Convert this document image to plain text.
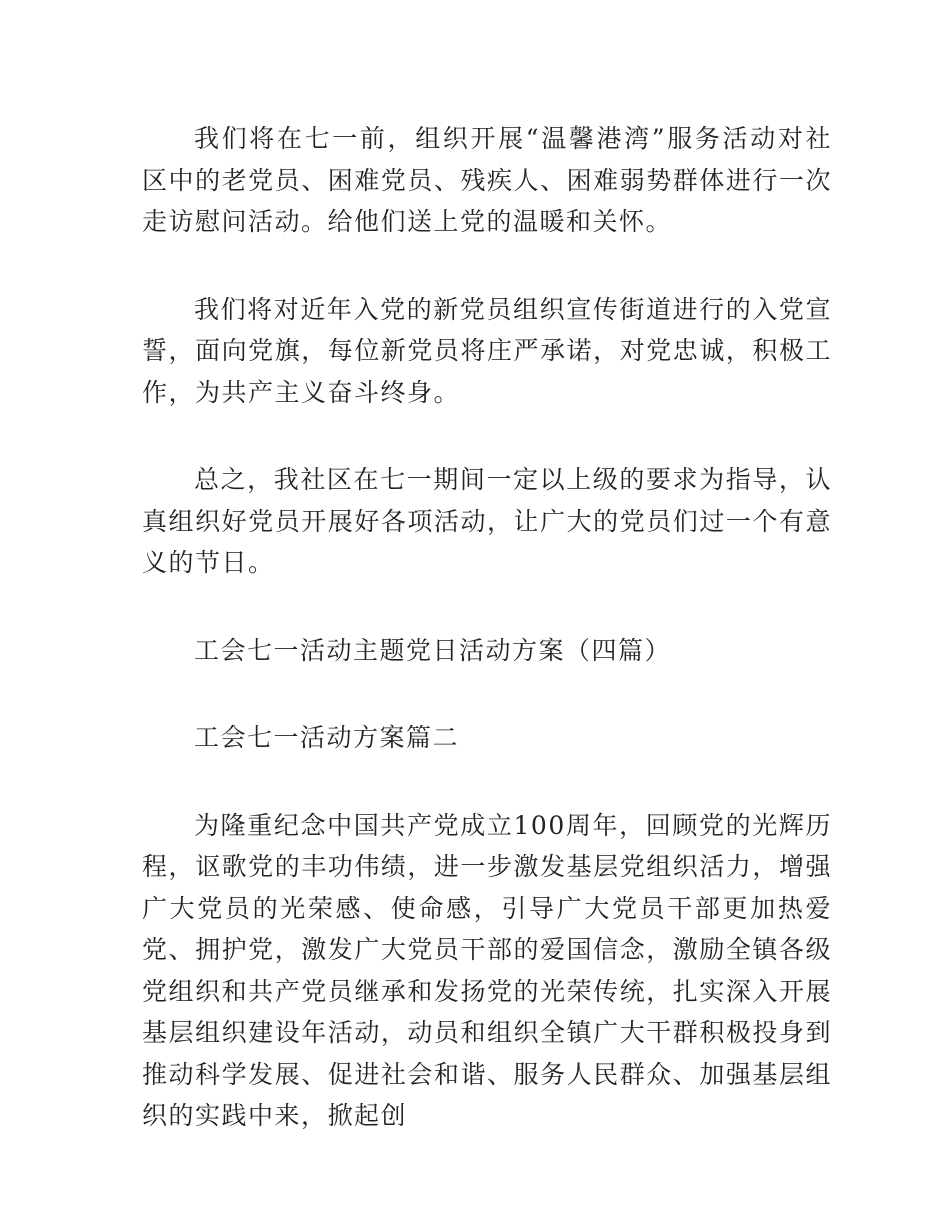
我们将在七一前，组织开展“温馨港湾”服务活动对社区中的老党员、困难党员、残疾人、困难弱势群体进行一次走访慰问活动。给他们送上党的温暖和关怀。

我们将对近年入党的新党员组织宣传街道进行的入党宣誓，面向党旗，每位新党员将庄严承诺，对党忠诚，积极工作，为共产主义奋斗终身。

总之，我社区在七一期间一定以上级的要求为指导，认真组织好党员开展好各项活动，让广大的党员们过一个有意义的节日。

工会七一活动主题党日活动方案（四篇）

工会七一活动方案篇二

为隆重纪念中国共产党成立100周年，回顾党的光辉历程，讴歌党的丰功伟绩，进一步激发基层党组织活力，增强广大党员的光荣感、使命感，引导广大党员干部更加热爱党、拥护党，激发广大党员干部的爱国信念，激励全镇各级党组织和共产党员继承和发扬党的光荣传统，扎实深入开展基层组织建设年活动，动员和组织全镇广大干群积极投身到推动科学发展、促进社会和谐、服务人民群众、加强基层组织的实践中来，掀起创
